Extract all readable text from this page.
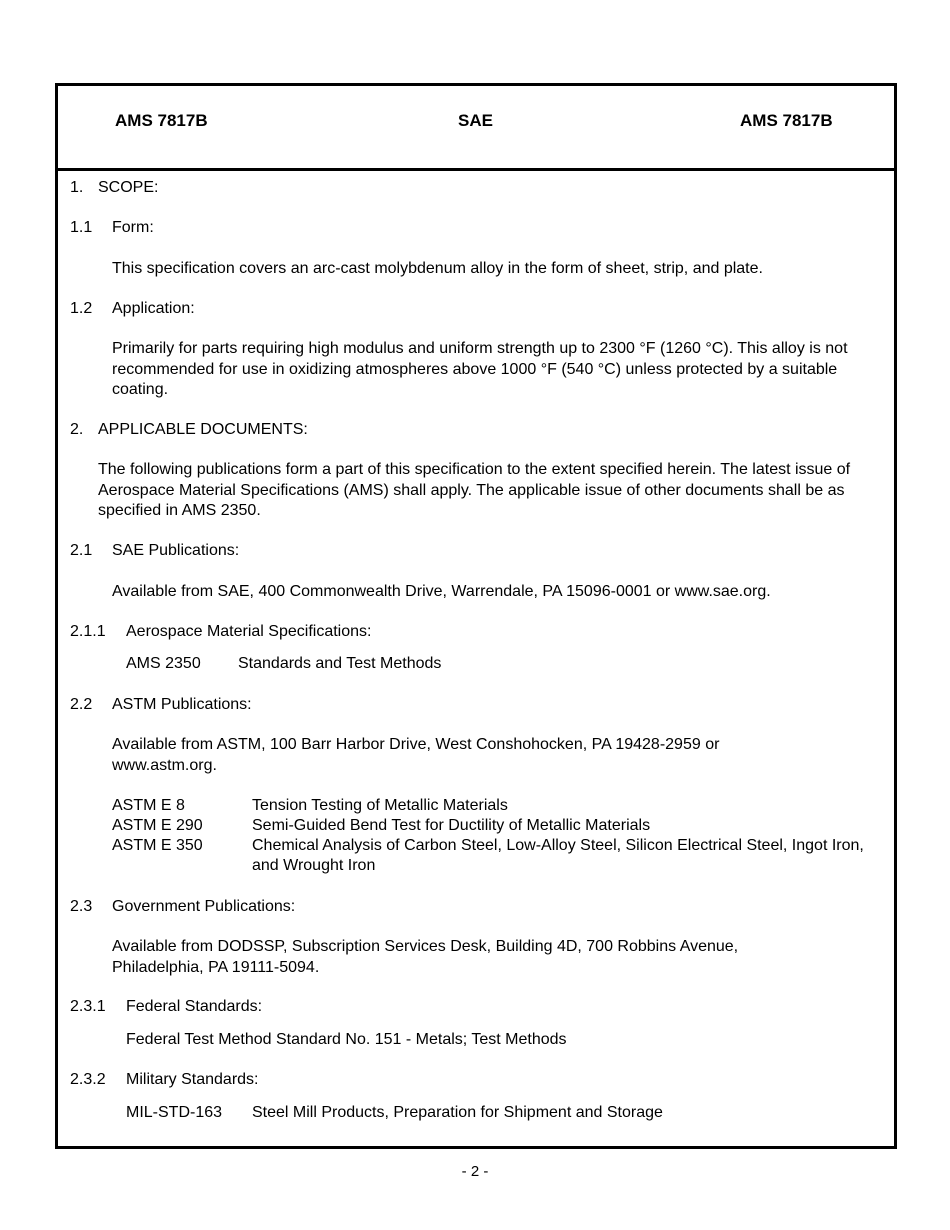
AMS 7817B	SAE	AMS 7817B
1. SCOPE:
1.1 Form:
This specification covers an arc-cast molybdenum alloy in the form of sheet, strip, and plate.
1.2 Application:
Primarily for parts requiring high modulus and uniform strength up to 2300 °F (1260 °C). This alloy is not recommended for use in oxidizing atmospheres above 1000 °F (540 °C) unless protected by a suitable coating.
2. APPLICABLE DOCUMENTS:
The following publications form a part of this specification to the extent specified herein. The latest issue of Aerospace Material Specifications (AMS) shall apply. The applicable issue of other documents shall be as specified in AMS 2350.
2.1 SAE Publications:
Available from SAE, 400 Commonwealth Drive, Warrendale, PA 15096-0001 or www.sae.org.
2.1.1 Aerospace Material Specifications:
AMS 2350 Standards and Test Methods
2.2 ASTM Publications:
Available from ASTM, 100 Barr Harbor Drive, West Conshohocken, PA 19428-2959 or www.astm.org.
ASTM E 8	Tension Testing of Metallic Materials
ASTM E 290	Semi-Guided Bend Test for Ductility of Metallic Materials
ASTM E 350	Chemical Analysis of Carbon Steel, Low-Alloy Steel, Silicon Electrical Steel, Ingot Iron, and Wrought Iron
2.3 Government Publications:
Available from DODSSP, Subscription Services Desk, Building 4D, 700 Robbins Avenue, Philadelphia, PA 19111-5094.
2.3.1 Federal Standards:
Federal Test Method Standard No. 151 - Metals; Test Methods
2.3.2 Military Standards:
MIL-STD-163 Steel Mill Products, Preparation for Shipment and Storage
- 2 -
